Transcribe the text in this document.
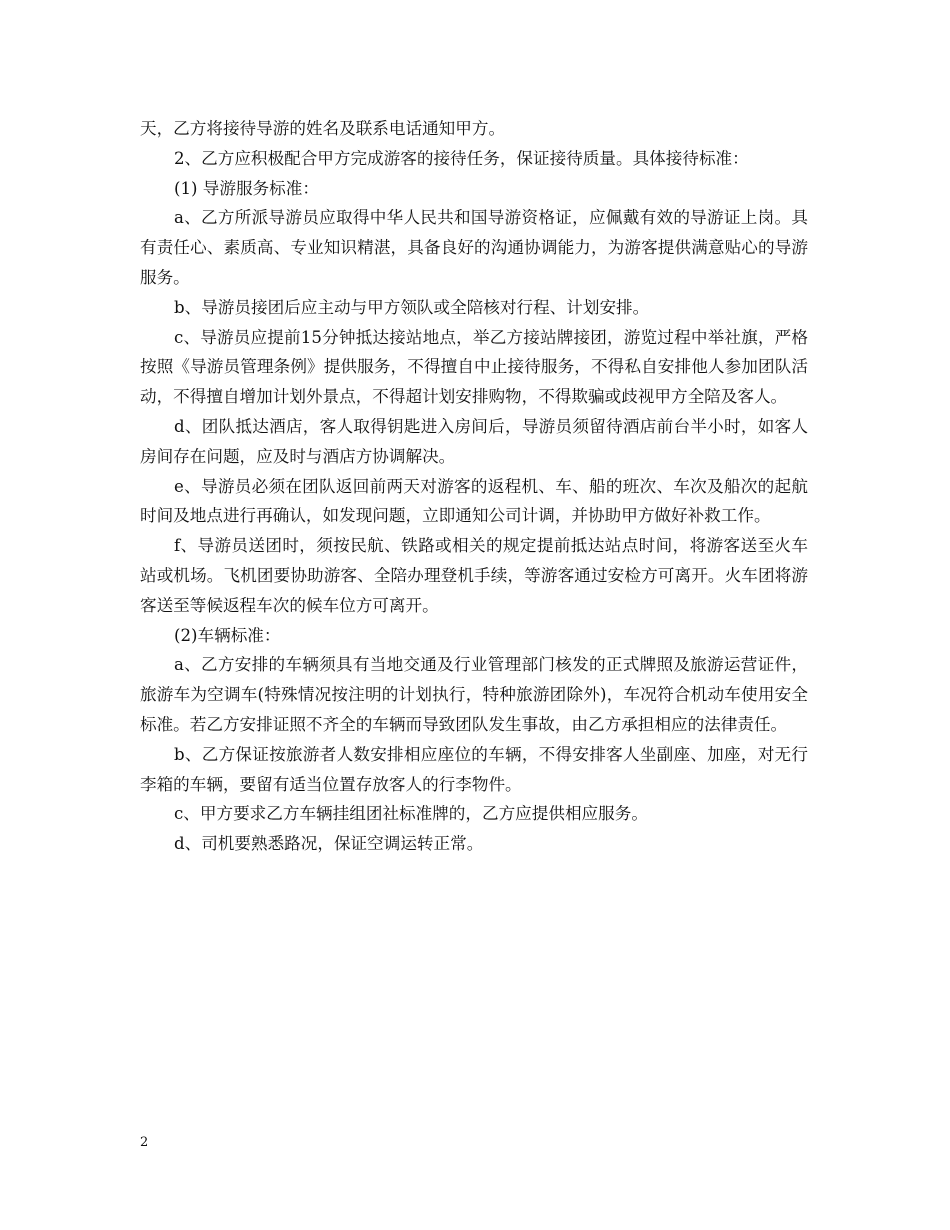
天，乙方将接待导游的姓名及联系电话通知甲方。

2、乙方应积极配合甲方完成游客的接待任务，保证接待质量。具体接待标准：

(1) 导游服务标准：

a、乙方所派导游员应取得中华人民共和国导游资格证，应佩戴有效的导游证上岗。具有责任心、素质高、专业知识精湛，具备良好的沟通协调能力，为游客提供满意贴心的导游服务。

b、导游员接团后应主动与甲方领队或全陪核对行程、计划安排。

c、导游员应提前15分钟抵达接站地点，举乙方接站牌接团，游览过程中举社旗，严格按照《导游员管理条例》提供服务，不得擅自中止接待服务，不得私自安排他人参加团队活动，不得擅自增加计划外景点，不得超计划安排购物，不得欺骗或歧视甲方全陪及客人。

d、团队抵达酒店，客人取得钥匙进入房间后，导游员须留待酒店前台半小时，如客人房间存在问题，应及时与酒店方协调解决。

e、导游员必须在团队返回前两天对游客的返程机、车、船的班次、车次及船次的起航时间及地点进行再确认，如发现问题，立即通知公司计调，并协助甲方做好补救工作。

f、导游员送团时，须按民航、铁路或相关的规定提前抵达站点时间，将游客送至火车站或机场。飞机团要协助游客、全陪办理登机手续，等游客通过安检方可离开。火车团将游客送至等候返程车次的候车位方可离开。

(2)车辆标准：

a、乙方安排的车辆须具有当地交通及行业管理部门核发的正式牌照及旅游运营证件，旅游车为空调车(特殊情况按注明的计划执行，特种旅游团除外)，车况符合机动车使用安全标准。若乙方安排证照不齐全的车辆而导致团队发生事故，由乙方承担相应的法律责任。

b、乙方保证按旅游者人数安排相应座位的车辆，不得安排客人坐副座、加座，对无行李箱的车辆，要留有适当位置存放客人的行李物件。

c、甲方要求乙方车辆挂组团社标准牌的，乙方应提供相应服务。

d、司机要熟悉路况，保证空调运转正常。

2
